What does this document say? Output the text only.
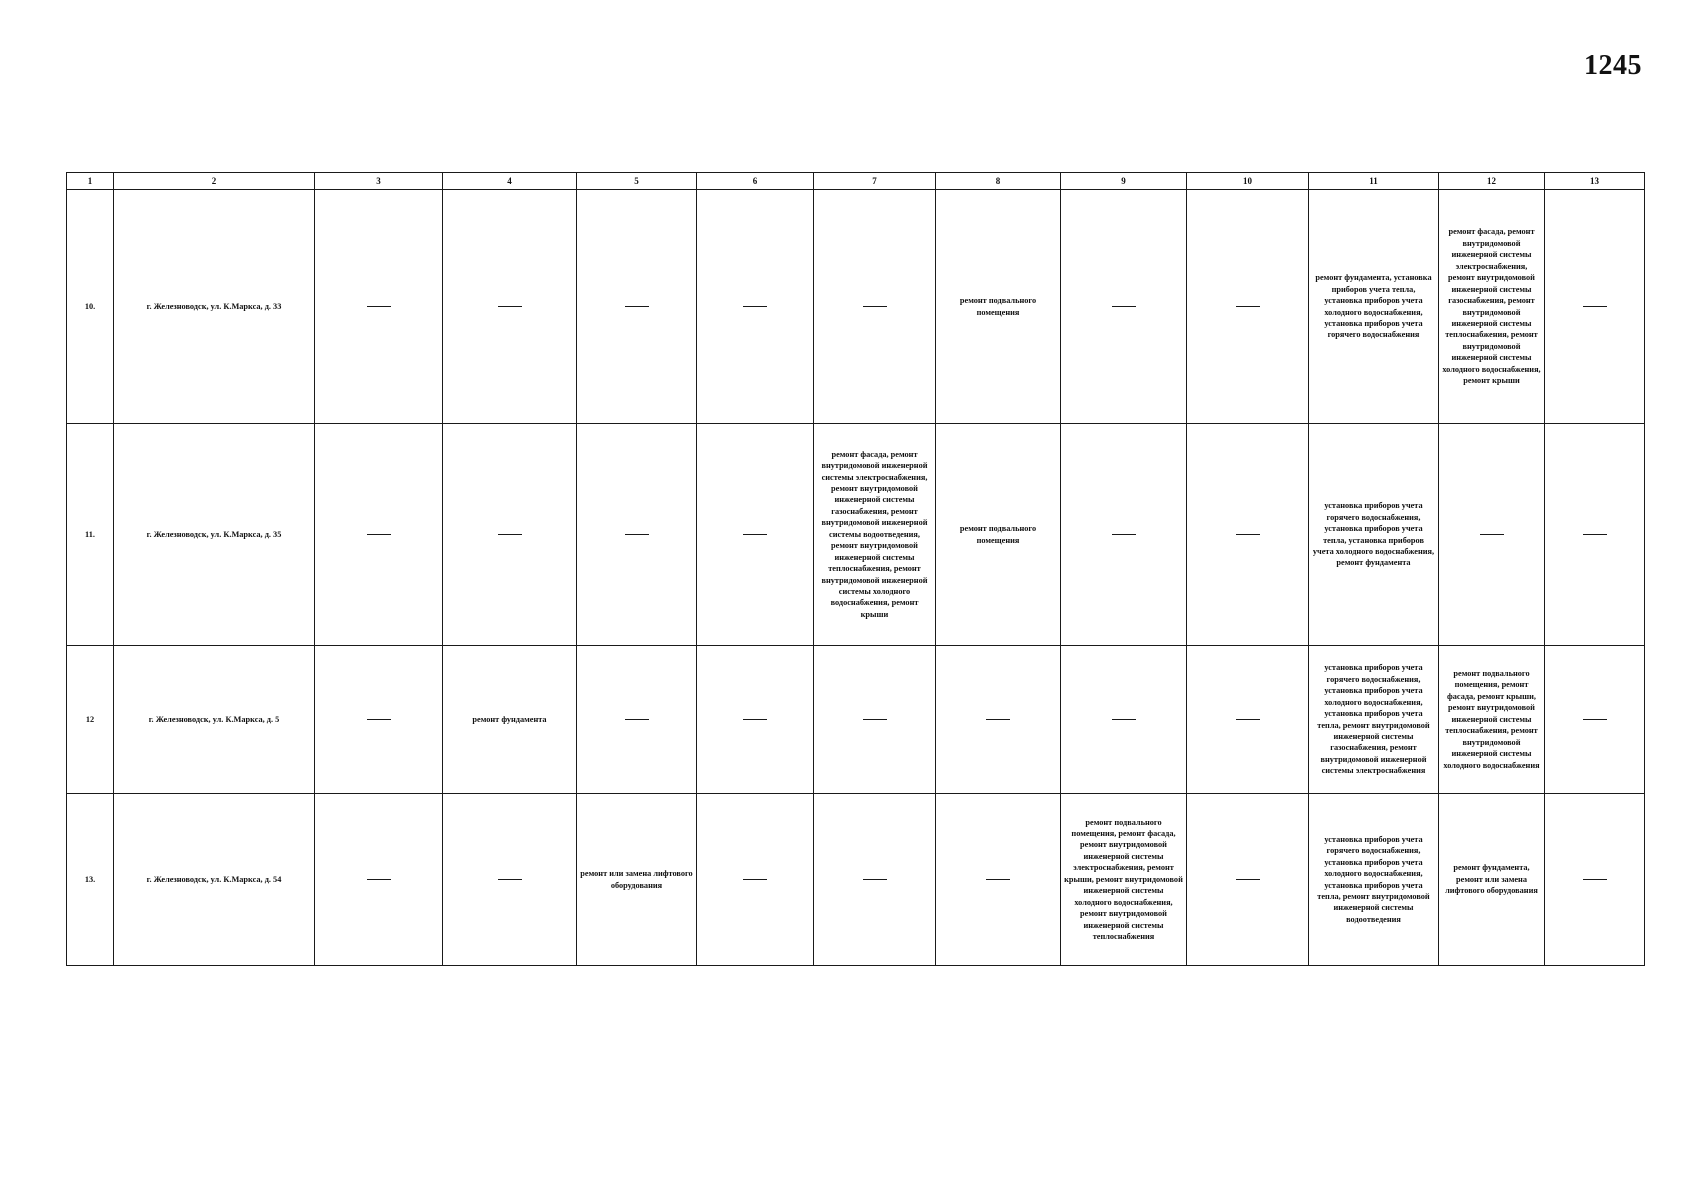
1245
1	2	3	4	5	6	7	8	9	10	11	12	13
10.	г. Железноводск, ул. К.Маркса, д. 33						ремонт подвального помещения			ремонт фундамента, установка приборов учета тепла, установка приборов учета холодного водоснабжения, установка приборов учета горячего водоснабжения	ремонт фасада, ремонт внутридомовой инженерной системы электроснабжения, ремонт внутридомовой инженерной системы газоснабжения, ремонт внутридомовой инженерной системы теплоснабжения, ремонт внутридомовой инженерной системы холодного водоснабжения, ремонт крыши	
11.	г. Железноводск, ул. К.Маркса, д. 35					ремонт фасада, ремонт внутридомовой инженерной системы электроснабжения, ремонт внутридомовой инженерной системы газоснабжения, ремонт внутридомовой инженерной системы водоотведения, ремонт внутридомовой инженерной системы теплоснабжения, ремонт внутридомовой инженерной системы холодного водоснабжения, ремонт крыши	ремонт подвального помещения			установка приборов учета горячего водоснабжения, установка приборов учета тепла, установка приборов учета холодного водоснабжения, ремонт фундамента		
12	г. Железноводск, ул. К.Маркса, д. 5		ремонт фундамента							установка приборов учета горячего водоснабжения, установка приборов учета холодного водоснабжения, установка приборов учета тепла, ремонт внутридомовой инженерной системы газоснабжения, ремонт внутридомовой инженерной системы электроснабжения	ремонт подвального помещения, ремонт фасада, ремонт крыши, ремонт внутридомовой инженерной системы теплоснабжения, ремонт внутридомовой инженерной системы холодного водоснабжения	
13.	г. Железноводск, ул. К.Маркса, д. 54			ремонт или замена лифтового оборудования				ремонт подвального помещения, ремонт фасада, ремонт внутридомовой инженерной системы электроснабжения, ремонт крыши, ремонт внутридомовой инженерной системы холодного водоснабжения, ремонт внутридомовой инженерной системы теплоснабжения		установка приборов учета горячего водоснабжения, установка приборов учета холодного водоснабжения, установка приборов учета тепла, ремонт внутридомовой инженерной системы водоотведения	ремонт фундамента, ремонт или замена лифтового оборудования	
